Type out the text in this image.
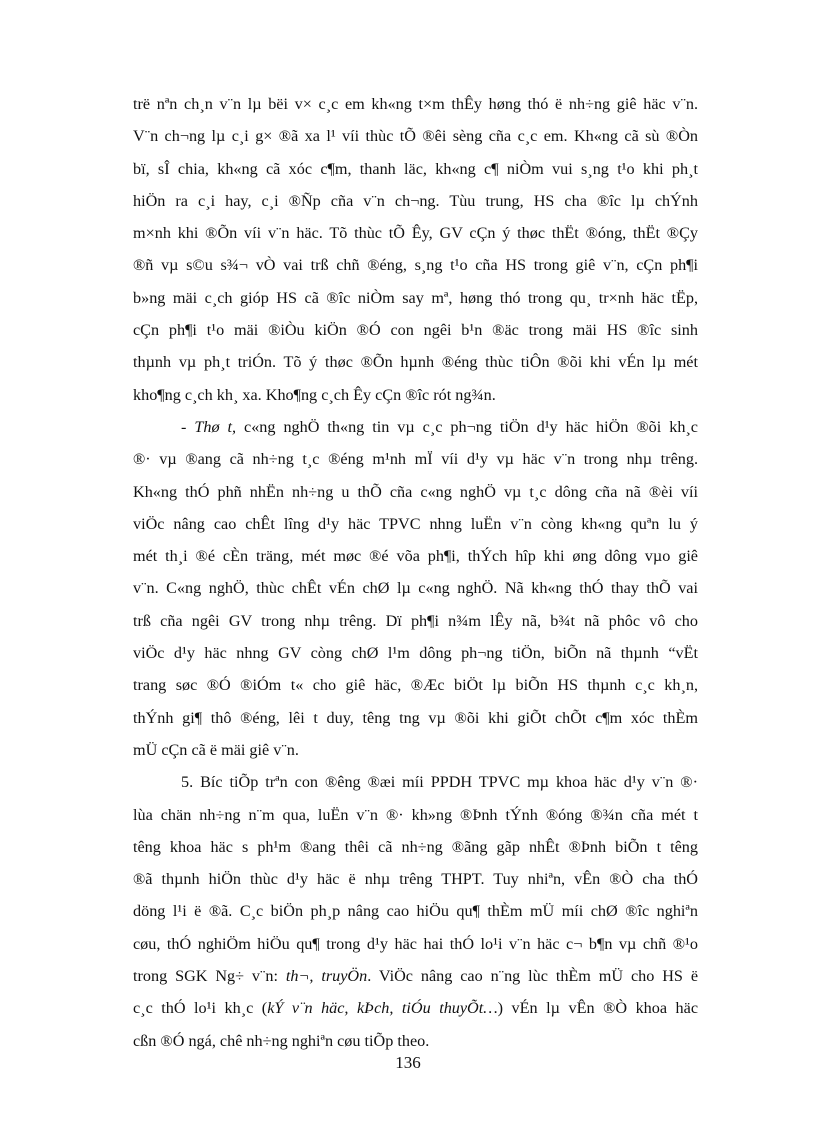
trë nªn ch¸n v¨n lµ bëi v× c¸c em kh«ng t×m thÊy høng thó ë nh÷ng giê häc v¨n.
V¨n ch¬ng lµ c¸i g× ®ã xa l¹ víi thùc tÕ ®êi sèng cña c¸c em. Kh«ng cã sù ®Òn
bï, sÎ chia, kh«ng cã xóc c¶m, thanh läc, kh«ng c¶ niÒm vui s¸ng t¹o khi ph¸t
hiÖn ra c¸i hay, c¸i ®Ñp cña v¨n ch¬ng. Tùu trung, HS cha ®îc lµ chÝnh
m×nh khi ®Õn víi v¨n häc. Tõ thùc tÕ Êy, GV cÇn ý thøc thËt ®óng, thËt ®Çy
®ñ vµ s©u s¾¬ vÒ vai trß chñ ®éng, s¸ng t¹o cña HS trong giê v¨n, cÇn ph¶i
b»ng mäi c¸ch gióp HS cã ®îc niÒm say mª, høng thó trong qu¸ tr×nh häc tËp,
cÇn ph¶i t¹o mäi ®iÒu kiÖn ®Ó con ngêi b¹n ®äc trong mäi HS ®îc sinh
thµnh vµ ph¸t triÓn. Tõ ý thøc ®Õn hµnh ®éng thùc tiÔn ®õi khi vÉn lµ mét
kho¶ng c¸ch kh¸ xa. Kho¶ng c¸ch Êy cÇn ®îc rót ng¾n.
- Thø t, c«ng nghÖ th«ng tin vµ c¸c ph¬ng tiÖn d¹y häc hiÖn ®õi kh¸c
®· vµ ®ang cã nh÷ng t¸c ®éng m¹nh mÏ víi d¹y vµ häc v¨n trong nhµ trêng.
Kh«ng thÓ phñ nhËn nh÷ng u thÕ cña c«ng nghÖ vµ t¸c dông cña nã ®èi víi
viÖc nâng cao chÊt lîng d¹y häc TPVC nhng luËn v¨n còng kh«ng quªn lu ý
mét th¸i ®é cÈn träng, mét møc ®é võa ph¶i, thÝch hîp khi øng dông vµo giê
v¨n. C«ng nghÖ, thùc chÊt vÉn chØ lµ c«ng nghÖ. Nã kh«ng thÓ thay thÕ vai
trß cña ngêi GV trong nhµ trêng. Dï ph¶i n¾m lÊy nã, b¾t nã phôc vô cho
viÖc d¹y häc nhng GV còng chØ l¹m dông ph¬ng tiÖn, biÕn nã thµnh “vËt
trang søc ®Ó ®iÓm t« cho giê häc, ®Æc biÖt lµ biÕn HS thµnh c¸c kh¸n,
thÝnh gi¶ thô ®éng, lêi t duy, têng tng vµ ®õi khi giÕt chÕt c¶m xóc thÈm
mÜ cÇn cã ë mäi giê v¨n.
5. Bíc tiÕp trªn con ®êng ®æi míi PPDH TPVC mµ khoa häc d¹y v¨n ®·
lùa chän nh÷ng n¨m qua, luËn v¨n ®· kh»ng ®Þnh tÝnh ®óng ®¾n cña mét t
têng khoa häc s ph¹m ®ang thêi cã nh÷ng ®ãng gãp nhÊt ®Þnh biÕn t têng
®ã thµnh hiÖn thùc d¹y häc ë nhµ trêng THPT. Tuy nhiªn, vÊn ®Ò cha thÓ
döng l¹i ë ®ã. C¸c biÖn ph¸p nâng cao hiÖu qu¶ thÈm mÜ míi chØ ®îc nghiªn
cøu, thÓ nghiÖm hiÖu qu¶ trong d¹y häc hai thÓ lo¹i v¨n häc c¬ b¶n vµ chñ ®¹o
trong SGK Ng÷ v¨n: th¬, truyÖn. ViÖc nâng cao n¨ng lùc thÈm mÜ cho HS ë
c¸c thÓ lo¹i kh¸c (kÝ v¨n häc, kÞch, tiÓu thuyÕt…) vÉn lµ vÊn ®Ò khoa häc
cßn ®Ó ngá, chê nh÷ng nghiªn cøu tiÕp theo.
136
